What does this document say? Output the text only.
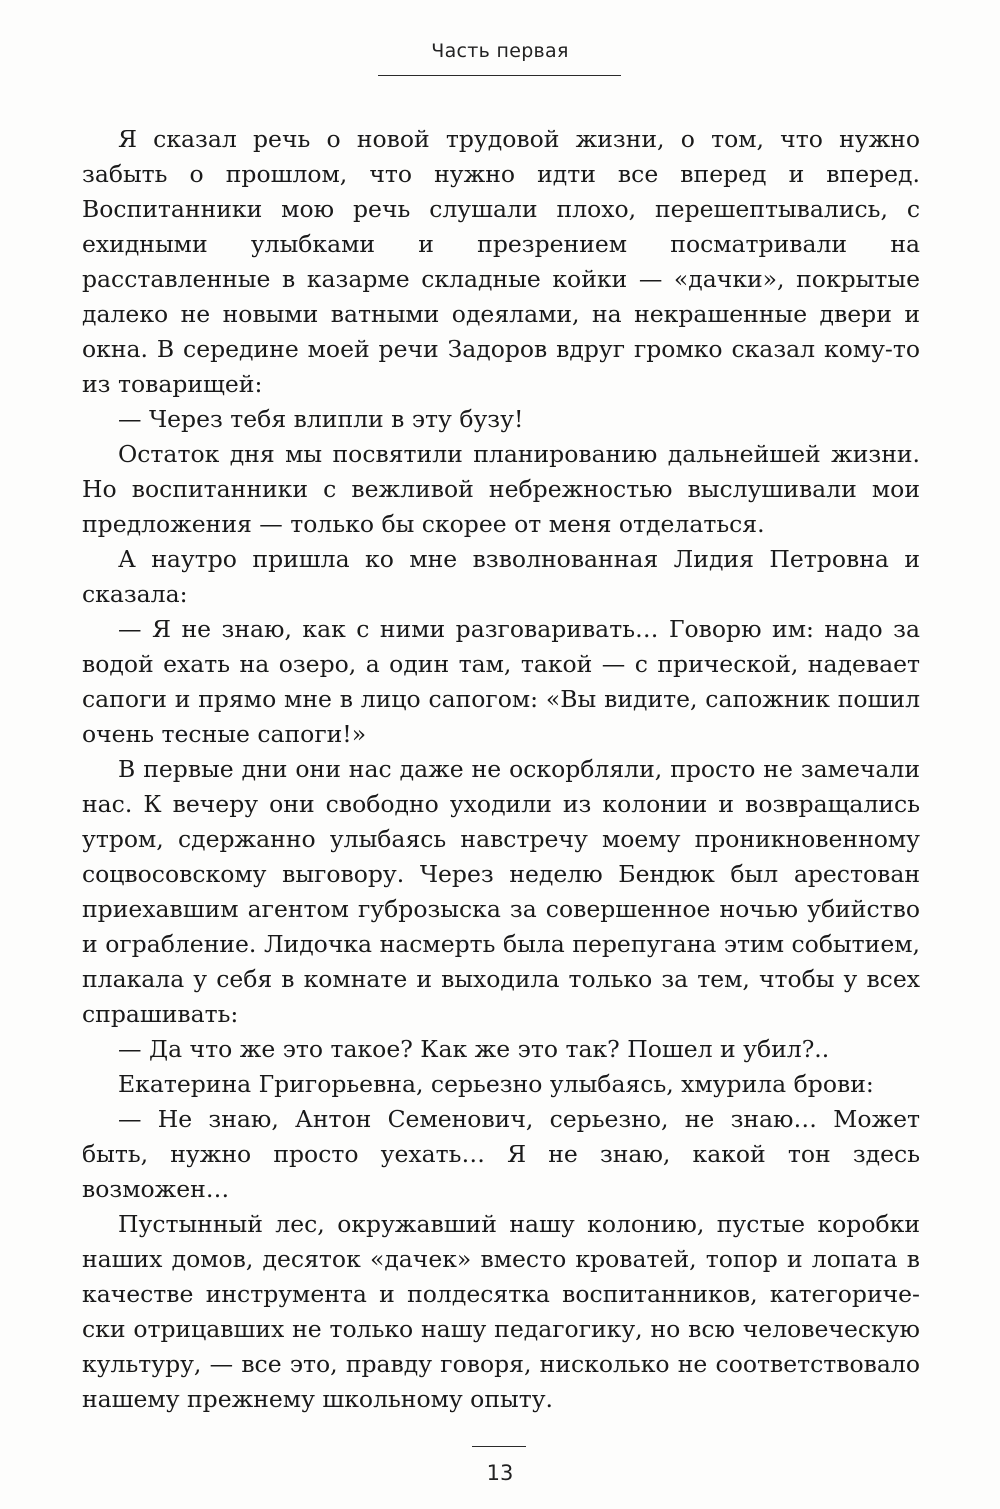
Часть первая

Я сказал речь о новой трудовой жизни, о том, что нужно забыть о прошлом, что нужно идти все вперед и вперед. Воспитанники мою речь слушали плохо, перешептывались, с ехидными улыбками и презрением посматривали на расставленные в казарме складные койки — «дачки», покрытые далеко не новыми ватными одеялами, на некрашенные двери и окна. В середине моей речи Задоров вдруг громко сказал кому-то из товарищей:

— Через тебя влипли в эту бузу!

Остаток дня мы посвятили планированию дальнейшей жизни. Но воспитанники с вежливой небрежностью выслушивали мои предложения — только бы скорее от меня отделаться.

А наутро пришла ко мне взволнованная Лидия Петровна и сказала:

— Я не знаю, как с ними разговаривать… Говорю им: надо за водой ехать на озеро, а один там, такой — с прической, надевает сапоги и прямо мне в лицо сапогом: «Вы видите, сапожник пошил очень тесные сапоги!»

В первые дни они нас даже не оскорбляли, просто не замечали нас. К вечеру они свободно уходили из колонии и возвращались утром, сдержанно улыбаясь навстречу моему проникновенному соцвосовскому выговору. Через неделю Бендюк был арестован приехавшим агентом губрозыска за совершенное ночью убийство и ограбление. Лидочка насмерть была перепугана этим событием, плакала у себя в комнате и выходила только за тем, чтобы у всех спрашивать:

— Да что же это такое? Как же это так? Пошел и убил?..

Екатерина Григорьевна, серьезно улыбаясь, хмурила брови:

— Не знаю, Антон Семенович, серьезно, не знаю… Может быть, нужно просто уехать… Я не знаю, какой тон здесь возможен…

Пустынный лес, окружавший нашу колонию, пустые коробки наших домов, десяток «дачек» вместо кроватей, топор и лопата в качестве инструмента и полдесятка воспитанников, категорически отрицавших не только нашу педагогику, но всю человеческую культуру, — все это, правду говоря, нисколько не соответствовало нашему прежнему школьному опыту.

13
